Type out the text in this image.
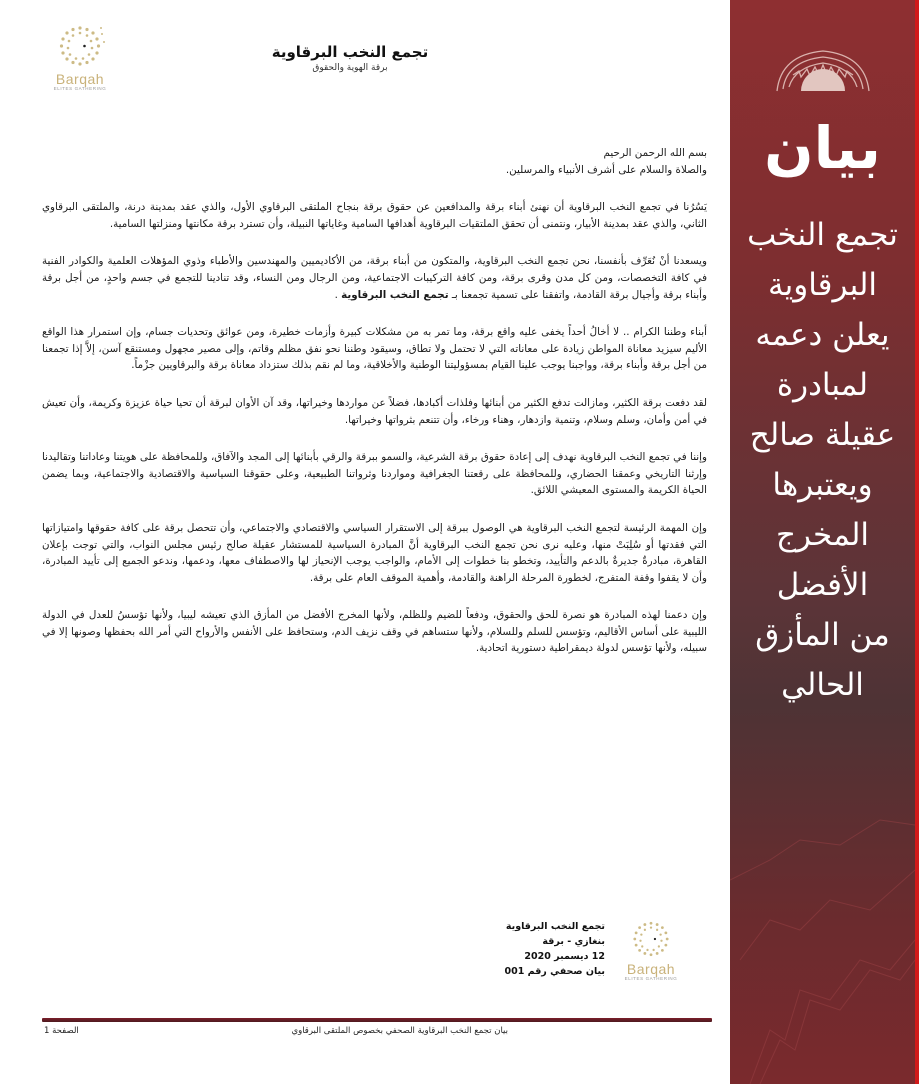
Barqah
ELITES GATHERING
تجمع النخب البرقاوية
برقة الهوية والحقوق

بسم الله الرحمن الرحيم
والصلاة والسلام على أشرف الأنبياء والمرسلين.

يَسُرُنا في تجمع النخب البرقاوية أن نهنئ أبناء برقة والمدافعين عن حقوق برقة بنجاح الملتقى البرقاوي الأول، والذي عقد بمدينة درنة، والملتقى البرقاوي الثاني، والذي عقد بمدينة الأبيار، ونتمنى أن تحقق الملتقيات البرقاوية أهدافها السامية وغاياتها النبيلة، وأن تسترد برقة مكانتها ومنزلتها السامية.

ويسعدنا أنْ نُعَرِّف بأنفسنا، نحن تجمع النخب البرقاوية، والمتكون من أبناء برقة، من الأكاديميين والمهندسين والأطباء وذوي المؤهلات العلمية والكوادر الفنية في كافة التخصصات، ومن كل مدن وقرى برقة، ومن كافة التركيبات الاجتماعية، ومن الرجال ومن النساء، وقد تنادينا للتجمع في جسم واحدٍ، من أجل برقة وأبناء برقة وأجيال برقة القادمة، واتفقنا على تسمية تجمعنا بـ تجمع النخب البرقاوية .

أبناء وطننا الكرام .. لا أخالُ أحداً يخفى عليه واقع برقة، وما تمر به من مشكلات كبيرة وأزمات خطيرة، ومن عوائق وتحديات جسام، وإن استمرار هذا الواقع الأليم سيزيد معاناة المواطن زيادة على معاناته التي لا تحتمل ولا تطاق، وسيقود وطننا نحو نفق مظلم وقاتم، وإلى مصير مجهول ومستنقع آسن، إلاَّ إذا تجمعنا من أجل برقة وأبناء برقة، وواجبنا يوجب علينا القيام بمسؤوليتنا الوطنية والأخلاقية، وما لم نقم بذلك ستزداد معاناة برقة والبرقاويين جزْماً.

لقد دفعت برقة الكثير، ومازالت تدفع الكثير من أبنائها وفلذات أكبادها، فضلاً عن مواردها وخيراتها، وقد آن الأوان لبرقة أن تحيا حياة عزيزة وكريمة، وأن تعيش في أمن وأمان، وسلم وسلام، وتنمية وازدهار، وهناء ورخاء، وأن تتنعم بثرواتها وخيراتها.

وإننا في تجمع النخب البرقاوية نهدف إلى إعادة حقوق برقة الشرعية، والسمو ببرقة والرقي بأبنائها إلى المجد والآفاق، وللمحافظة على هويتنا وعاداتنا وتقاليدنا وإرثنا التاريخي وعمقنا الحضاري، وللمحافظة على رقعتنا الجغرافية ومواردنا وثرواتنا الطبيعية، وعلى حقوقنا السياسية والاقتصادية والاجتماعية، وبما يضمن الحياة الكريمة والمستوى المعيشي اللائق.

وإن المهمة الرئيسة لتجمع النخب البرقاوية هي الوصول ببرقة إلى الاستقرار السياسي والاقتصادي والاجتماعي، وأن تتحصل برقة على كافة حقوقها وامتيازاتها التي فقدتها أو سُلِبَتْ منها، وعليه نرى نحن تجمع النخب البرقاوية أنَّ المبادرة السياسية للمستشار عقيلة صالح رئيس مجلس النواب، والتي توجت بإعلان القاهرة، مبادرةٌ جديرةٌ بالدعم والتأييد، وتخطو بنا خطوات إلى الأمام، والواجب يوجب الإنحياز لها والاصطفاف معها، ودعمها، وندعو الجميع إلى تأييد المبادرة، وأن لا يقفوا وقفة المتفرج، لخطورة المرحلة الراهنة والقادمة، وأهمية الموقف العام على برقة.

وإن دعمنا لهذه المبادرة هو نصرة للحق والحقوق، ودفعاً للضيم وللظلم، ولأنها المخرج الأفضل من المأزق الذي تعيشه ليبيا، ولأنها تؤسسُ للعدل في الدولة الليبية على أساس الأقاليم، وتؤسس للسلم وللسلام، ولأنها ستساهم في وقف نزيف الدم، وستحافظ على الأنفس والأرواح التي أمر الله بحفظها وصونها إلا في سبيله، ولأنها تؤسس لدولة ديمقراطية دستورية اتحادية.

تجمع النخب البرقاوية
بنغازي - برقة
12 ديسمبر 2020
بيان صحفي رقم 001	Barqah
ELITES GATHERING
بيان تجمع النخب البرقاوية الصحفي بخصوص الملتقى البرقاوي
الصفحة 1
بيان
تجمع النخب
البرقاوية
يعلن دعمه
لمبادرة
عقيلة صالح
ويعتبرها
المخرج
الأفضل
من المأزق
الحالي
